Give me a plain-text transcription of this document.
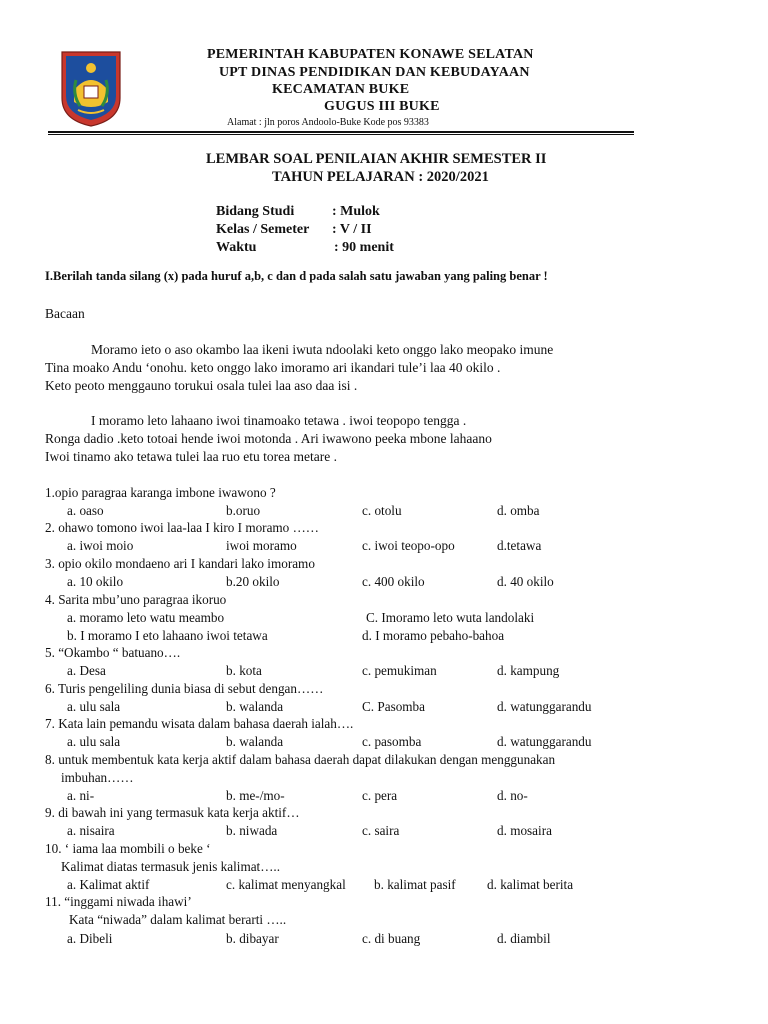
PEMERINTAH KABUPATEN KONAWE SELATAN
UPT DINAS PENDIDIKAN DAN KEBUDAYAAN
KECAMATAN BUKE
GUGUS III BUKE
Alamat : jln poros Andoolo-Buke Kode pos 93383
LEMBAR SOAL PENILAIAN AKHIR SEMESTER II
TAHUN PELAJARAN : 2020/2021
Bidang Studi	: Mulok
Kelas / Semeter : V / II
Waktu	: 90 menit
I.Berilah tanda silang (x) pada huruf a,b, c dan d pada salah satu jawaban yang paling benar !
Bacaan
Moramo ieto o aso okambo laa ikeni iwuta ndoolaki keto onggo lako meopako imune
Tina moako Andu ‘onohu. keto onggo lako imoramo ari ikandari tule’i laa 40 okilo .
Keto peoto menggauno torukui osala tulei laa aso daa isi .
I moramo leto lahaano iwoi tinamoako tetawa . iwoi teopopo tengga .
Ronga dadio .keto totoai hende iwoi motonda . Ari iwawono peeka mbone lahaano
Iwoi tinamo ako tetawa tulei laa ruo etu torea metare .
1.opio paragraa karanga imbone iwawono ?
a. oaso	b.oruo	c. otolu	d. omba
2. ohawo tomono iwoi laa-laa I kiro I moramo ……
a. iwoi moio	iwoi moramo	c. iwoi teopo-opo	d.tetawa
3. opio okilo mondaeno ari I kandari lako imoramo
a. 10 okilo	b.20 okilo	c. 400 okilo	d. 40 okilo
4. Sarita mbu’uno paragraa ikoruo
a. moramo leto watu meambo	C. Imoramo leto wuta landolaki
b. I moramo I eto lahaano iwoi tetawa	d. I moramo pebaho-bahoa
5. “Okambo “ batuano….
a. Desa	b. kota	c. pemukiman	d. kampung
6. Turis pengeliling dunia biasa di sebut dengan……
a. ulu sala	b. walanda	C. Pasomba	d. watunggarandu
7. Kata lain pemandu wisata dalam bahasa daerah ialah….
a. ulu sala	b. walanda	c. pasomba	d. watunggarandu
8. untuk membentuk kata kerja aktif dalam bahasa daerah dapat dilakukan dengan menggunakan
imbuhan……
a. ni-	b. me-/mo-	c. pera	d. no-
9. di bawah ini yang termasuk kata kerja aktif…
a. nisaira	b. niwada	c. saira	d. mosaira
10. ‘ iama laa mombili o beke ‘
Kalimat diatas termasuk jenis kalimat…..
a. Kalimat aktif	c. kalimat menyangkal b. kalimat pasif d. kalimat berita
11. “inggami niwada ihawi’
Kata “niwada” dalam kalimat berarti …..
a. Dibeli	b. dibayar	c. di buang	d. diambil
